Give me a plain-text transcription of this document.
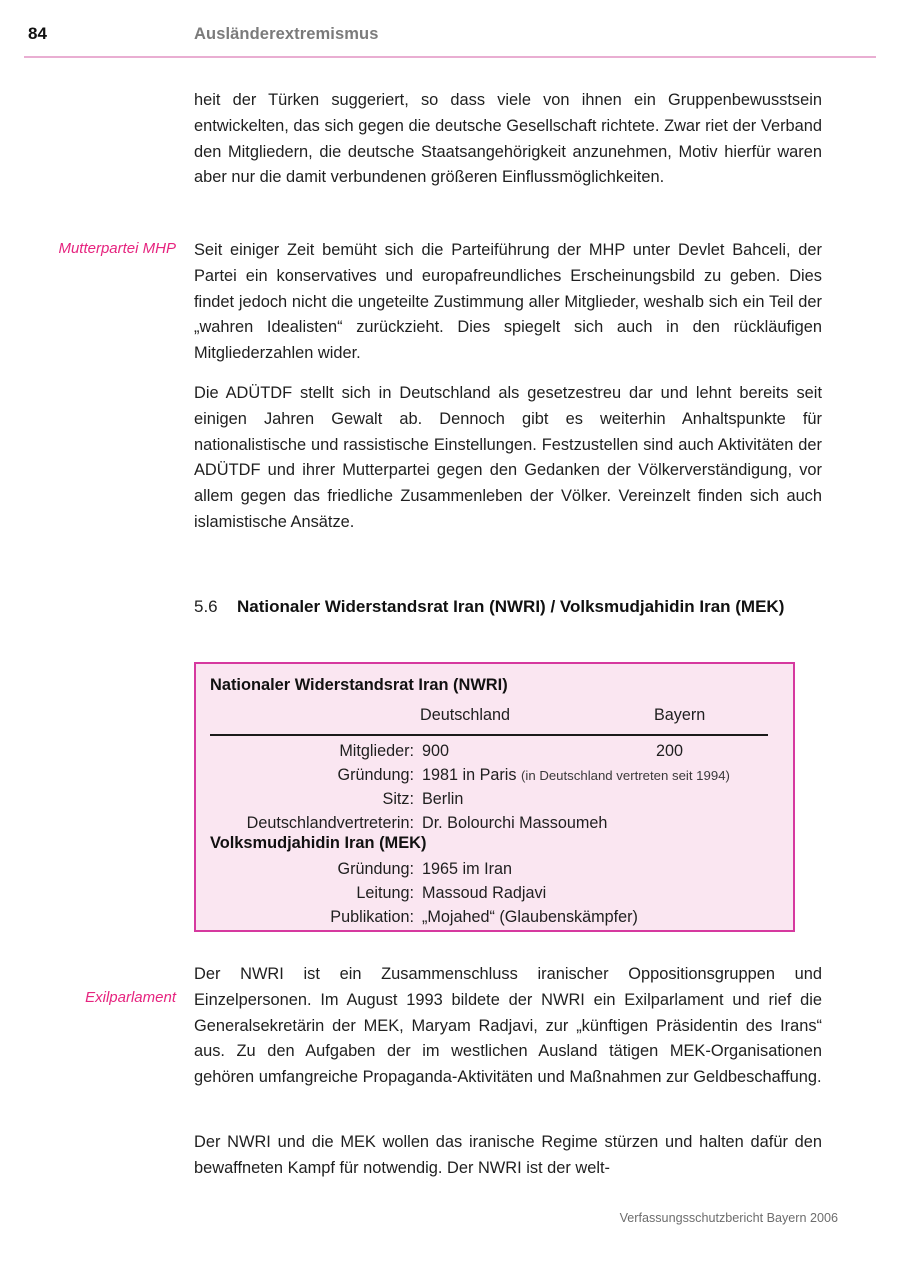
84	Ausländerextremismus
Mutterpartei MHP
Exilparlament

heit der Türken suggeriert, so dass viele von ihnen ein Gruppenbewusstsein entwickelten, das sich gegen die deutsche Gesellschaft richtete. Zwar riet der Verband den Mitgliedern, die deutsche Staatsangehörigkeit anzunehmen, Motiv hierfür waren aber nur die damit verbundenen größeren Einflussmöglichkeiten.

Seit einiger Zeit bemüht sich die Parteiführung der MHP unter Devlet Bahceli, der Partei ein konservatives und europafreundliches Erscheinungsbild zu geben. Dies findet jedoch nicht die ungeteilte Zustimmung aller Mitglieder, weshalb sich ein Teil der „wahren Idealisten“ zurückzieht. Dies spiegelt sich auch in den rückläufigen Mitgliederzahlen wider.

Die ADÜTDF stellt sich in Deutschland als gesetzestreu dar und lehnt bereits seit einigen Jahren Gewalt ab. Dennoch gibt es weiterhin Anhaltspunkte für nationalistische und rassistische Einstellungen. Festzustellen sind auch Aktivitäten der ADÜTDF und ihrer Mutterpartei gegen den Gedanken der Völkerverständigung, vor allem gegen das friedliche Zusammenleben der Völker. Vereinzelt finden sich auch islamistische Ansätze.

5.6 Nationaler Widerstandsrat Iran (NWRI) / Volksmudjahidin Iran (MEK)
Nationaler Widerstandsrat Iran (NWRI)
Deutschland	Bayern
Mitglieder: 900	200
Gründung: 1981 in Paris (in Deutschland vertreten seit 1994)
Sitz: Berlin
Deutschlandvertreterin: Dr. Bolourchi Massoumeh
Volksmudjahidin Iran (MEK)
Gründung: 1965 im Iran
Leitung: Massoud Radjavi
Publikation: „Mojahed“ (Glaubenskämpfer)

Der NWRI ist ein Zusammenschluss iranischer Oppositionsgruppen und Einzelpersonen. Im August 1993 bildete der NWRI ein Exilparlament und rief die Generalsekretärin der MEK, Maryam Radjavi, zur „künftigen Präsidentin des Irans“ aus. Zu den Aufgaben der im westlichen Ausland tätigen MEK-Organisationen gehören umfangreiche Propaganda-Aktivitäten und Maßnahmen zur Geldbeschaffung.

Der NWRI und die MEK wollen das iranische Regime stürzen und halten dafür den bewaffneten Kampf für notwendig. Der NWRI ist der welt-

Verfassungsschutzbericht Bayern 2006
